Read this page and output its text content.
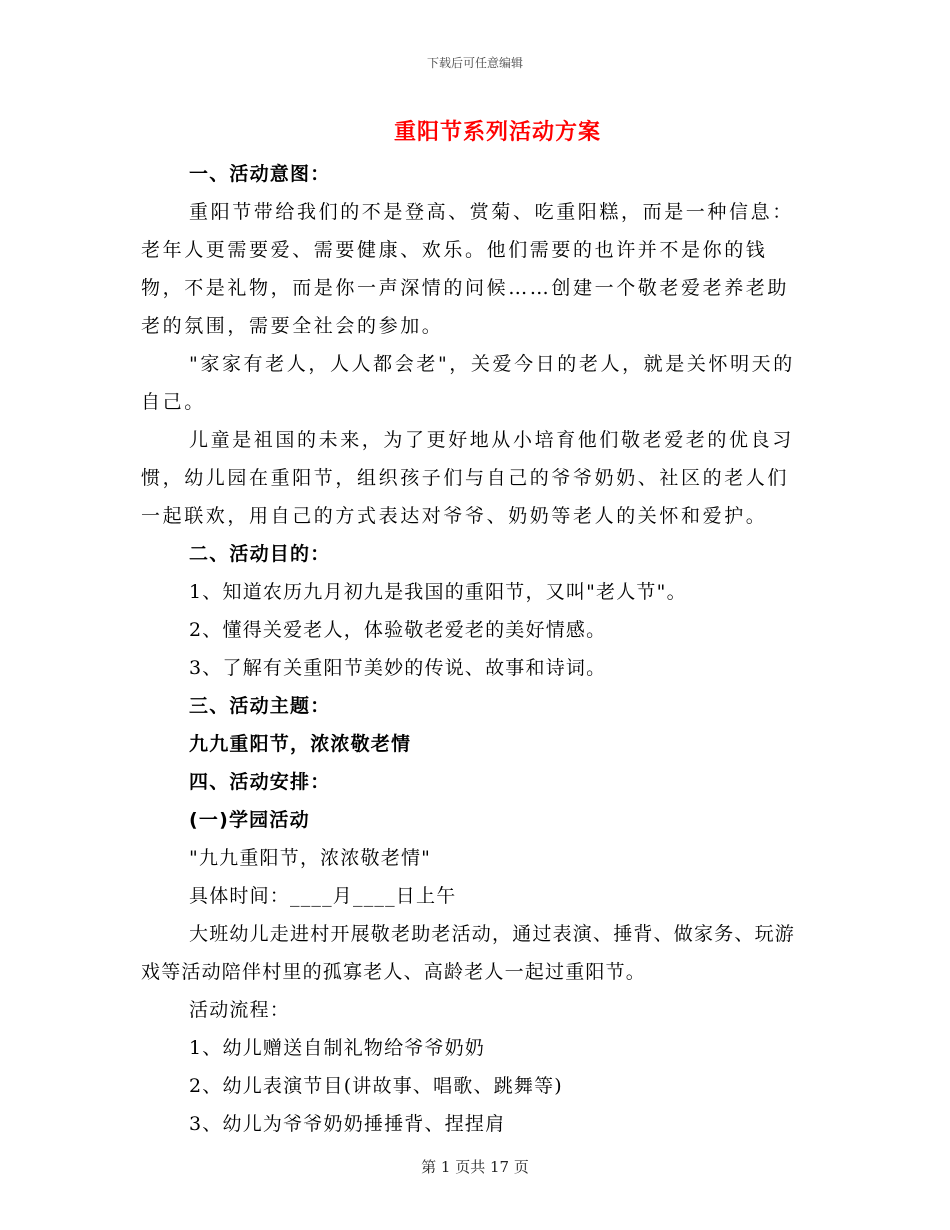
下载后可任意编辑
重阳节系列活动方案

一、活动意图：

重阳节带给我们的不是登高、赏菊、吃重阳糕，而是一种信息：老年人更需要爱、需要健康、欢乐。他们需要的也许并不是你的钱物，不是礼物，而是你一声深情的问候……创建一个敬老爱老养老助老的氛围，需要全社会的参加。

"家家有老人，人人都会老"，关爱今日的老人，就是关怀明天的自己。

儿童是祖国的未来，为了更好地从小培育他们敬老爱老的优良习惯，幼儿园在重阳节，组织孩子们与自己的爷爷奶奶、社区的老人们一起联欢，用自己的方式表达对爷爷、奶奶等老人的关怀和爱护。

二、活动目的：

1、知道农历九月初九是我国的重阳节，又叫"老人节"。

2、懂得关爱老人，体验敬老爱老的美好情感。

3、了解有关重阳节美妙的传说、故事和诗词。

三、活动主题：

九九重阳节，浓浓敬老情

四、活动安排：

(一)学园活动

"九九重阳节，浓浓敬老情"

具体时间：____月____日上午

大班幼儿走进村开展敬老助老活动，通过表演、捶背、做家务、玩游戏等活动陪伴村里的孤寡老人、高龄老人一起过重阳节。

活动流程：

1、幼儿赠送自制礼物给爷爷奶奶

2、幼儿表演节目(讲故事、唱歌、跳舞等)

3、幼儿为爷爷奶奶捶捶背、捏捏肩

第 1 页共 17 页
